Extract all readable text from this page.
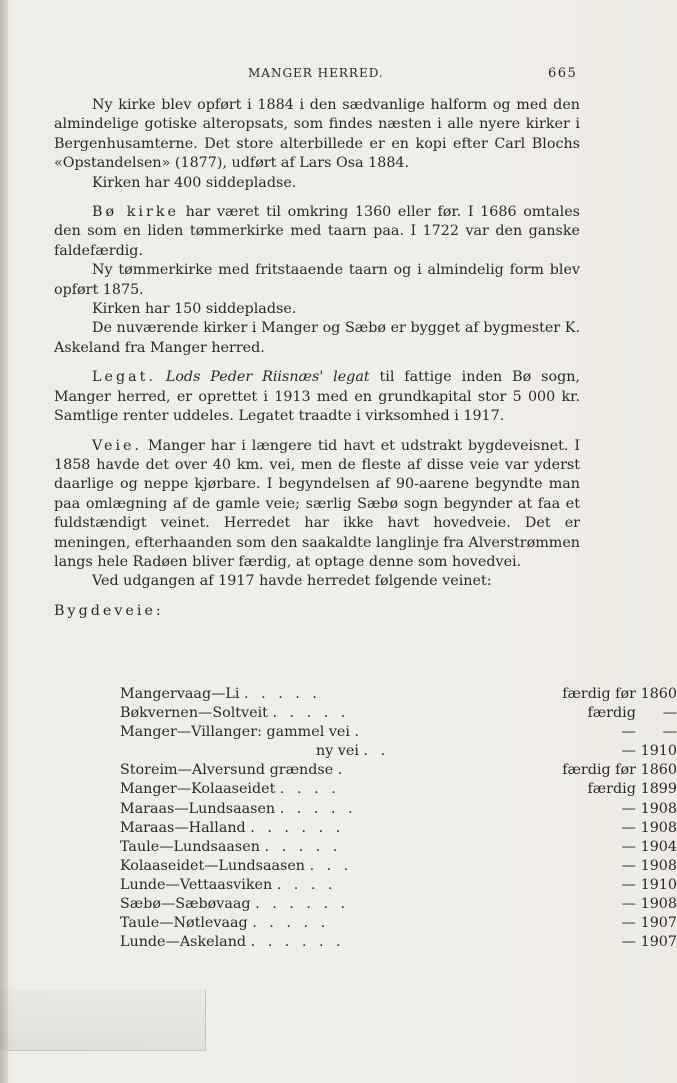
MANGER HERRED.	665

Ny kirke blev opført i 1884 i den sædvanlige halform og med den almindelige gotiske alteropsats, som findes næsten i alle nyere kirker i Bergenhusamterne. Det store alterbillede er en kopi efter Carl Blochs «Opstandelsen» (1877), udført af Lars Osa 1884.

Kirken har 400 siddepladse.

Bø kirke har været til omkring 1360 eller før. I 1686 omtales den som en liden tømmerkirke med taarn paa. I 1722 var den ganske faldefærdig.

Ny tømmerkirke med fritstaaende taarn og i almindelig form blev opført 1875.

Kirken har 150 siddepladse.

De nuværende kirker i Manger og Sæbø er bygget af bygmester K. Askeland fra Manger herred.

Legat. Lods Peder Riisnæs' legat til fattige inden Bø sogn, Manger herred, er oprettet i 1913 med en grundkapital stor 5 000 kr. Samtlige renter uddeles. Legatet traadte i virksomhed i 1917.

Veie. Manger har i længere tid havt et udstrakt bygdeveisnet. I 1858 havde det over 40 km. vei, men de fleste af disse veie var yderst daarlige og neppe kjørbare. I begyndelsen af 90-aarene begyndte man paa omlægning af de gamle veie; særlig Sæbø sogn begynder at faa et fuldstændigt veinet. Herredet har ikke havt hovedveie. Det er meningen, efterhaanden som den saakaldte langlinje fra Alverstrømmen langs hele Radøen bliver færdig, at optage denne som hovedvei.

Ved udgangen af 1917 havde herredet følgende veinet:

Bygdeveie:

Mangervaag—Li . . . . .	færdig før	1860
Bøkvernen—Soltveit . . . . .	færdig	—
Manger—Villanger: gammel vei .	—	—
ny vei . .	—	1910
Storeim—Alversund grændse .	færdig før	1860
Manger—Kolaaseidet . . . .	færdig	1899
Maraas—Lundsaasen . . . . .	—	1908
Maraas—Halland . . . . . .	—	1908
Taule—Lundsaasen . . . . .	—	1904
Kolaaseidet—Lundsaasen . . .	—	1908
Lunde—Vettaasviken . . . .	—	1910
Sæbø—Sæbøvaag . . . . . .	—	1908
Taule—Nøtlevaag . . . . .	—	1907
Lunde—Askeland . . . . . .	—	1907
